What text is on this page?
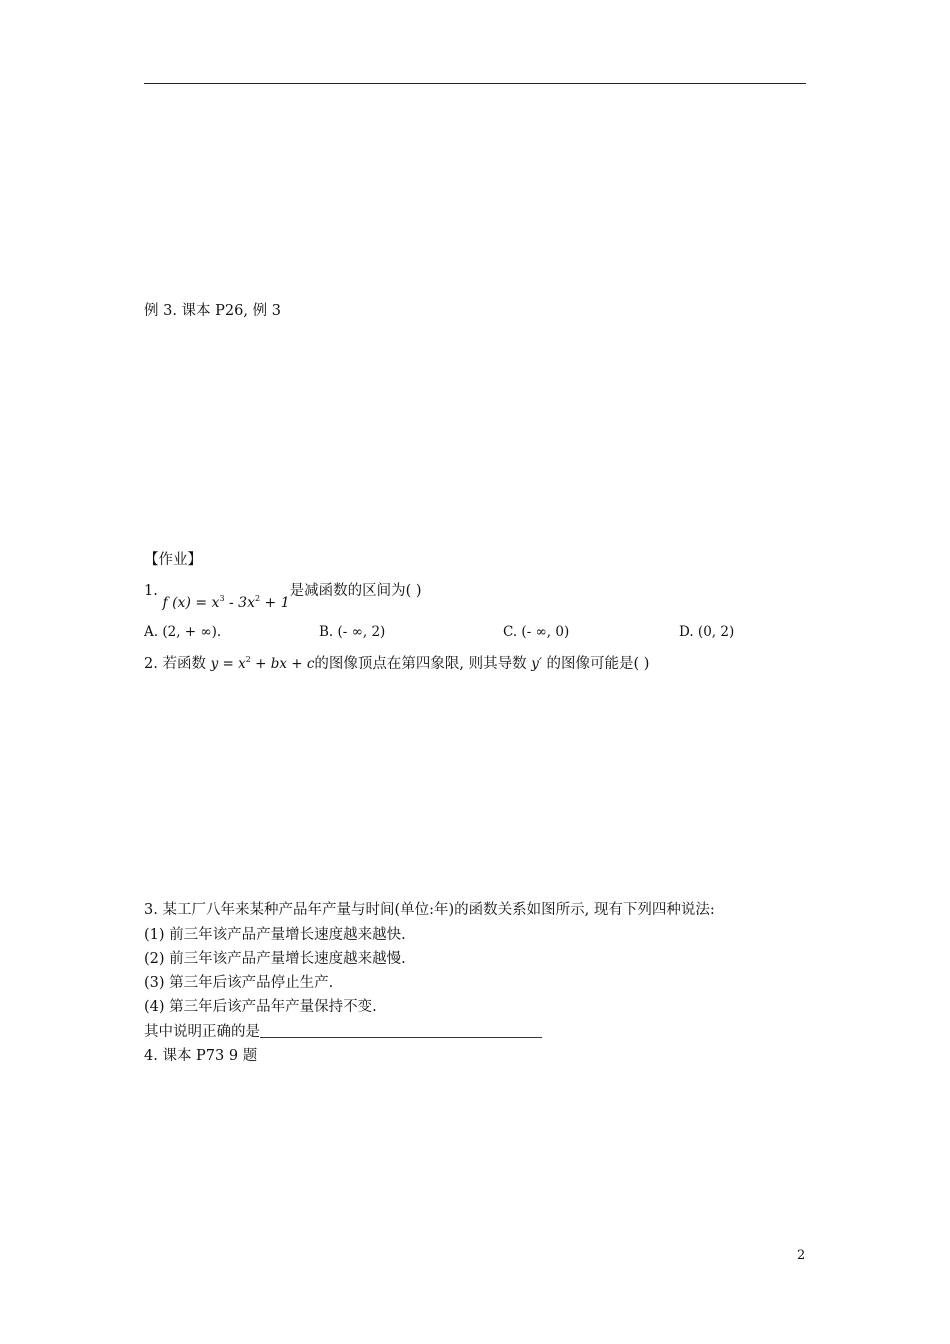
例 3. 课本 P26, 例 3
【作业】
1. f $(x) = x^3 - 3x^2 + 1$是减函数的区间为( )
A. (2, + ∞).	B. (- ∞, 2)	C. (- ∞, 0)	D. (0, 2)
2. 若函数 $y = x^2$ + bx + c的图像顶点在第四象限, 则其导数 y′ 的图像可能是( )
3. 某工厂八年来某种产品年产量与时间(单位:年)的函数关系如图所示, 现有下列四种说法:
(1) 前三年该产品产量增长速度越来越快.
(2) 前三年该产品产量增长速度越来越慢.
(3) 第三年后该产品停止生产.
(4) 第三年后该产品年产量保持不变.
其中说明正确的是
4. 课本 P73 9 题
2
